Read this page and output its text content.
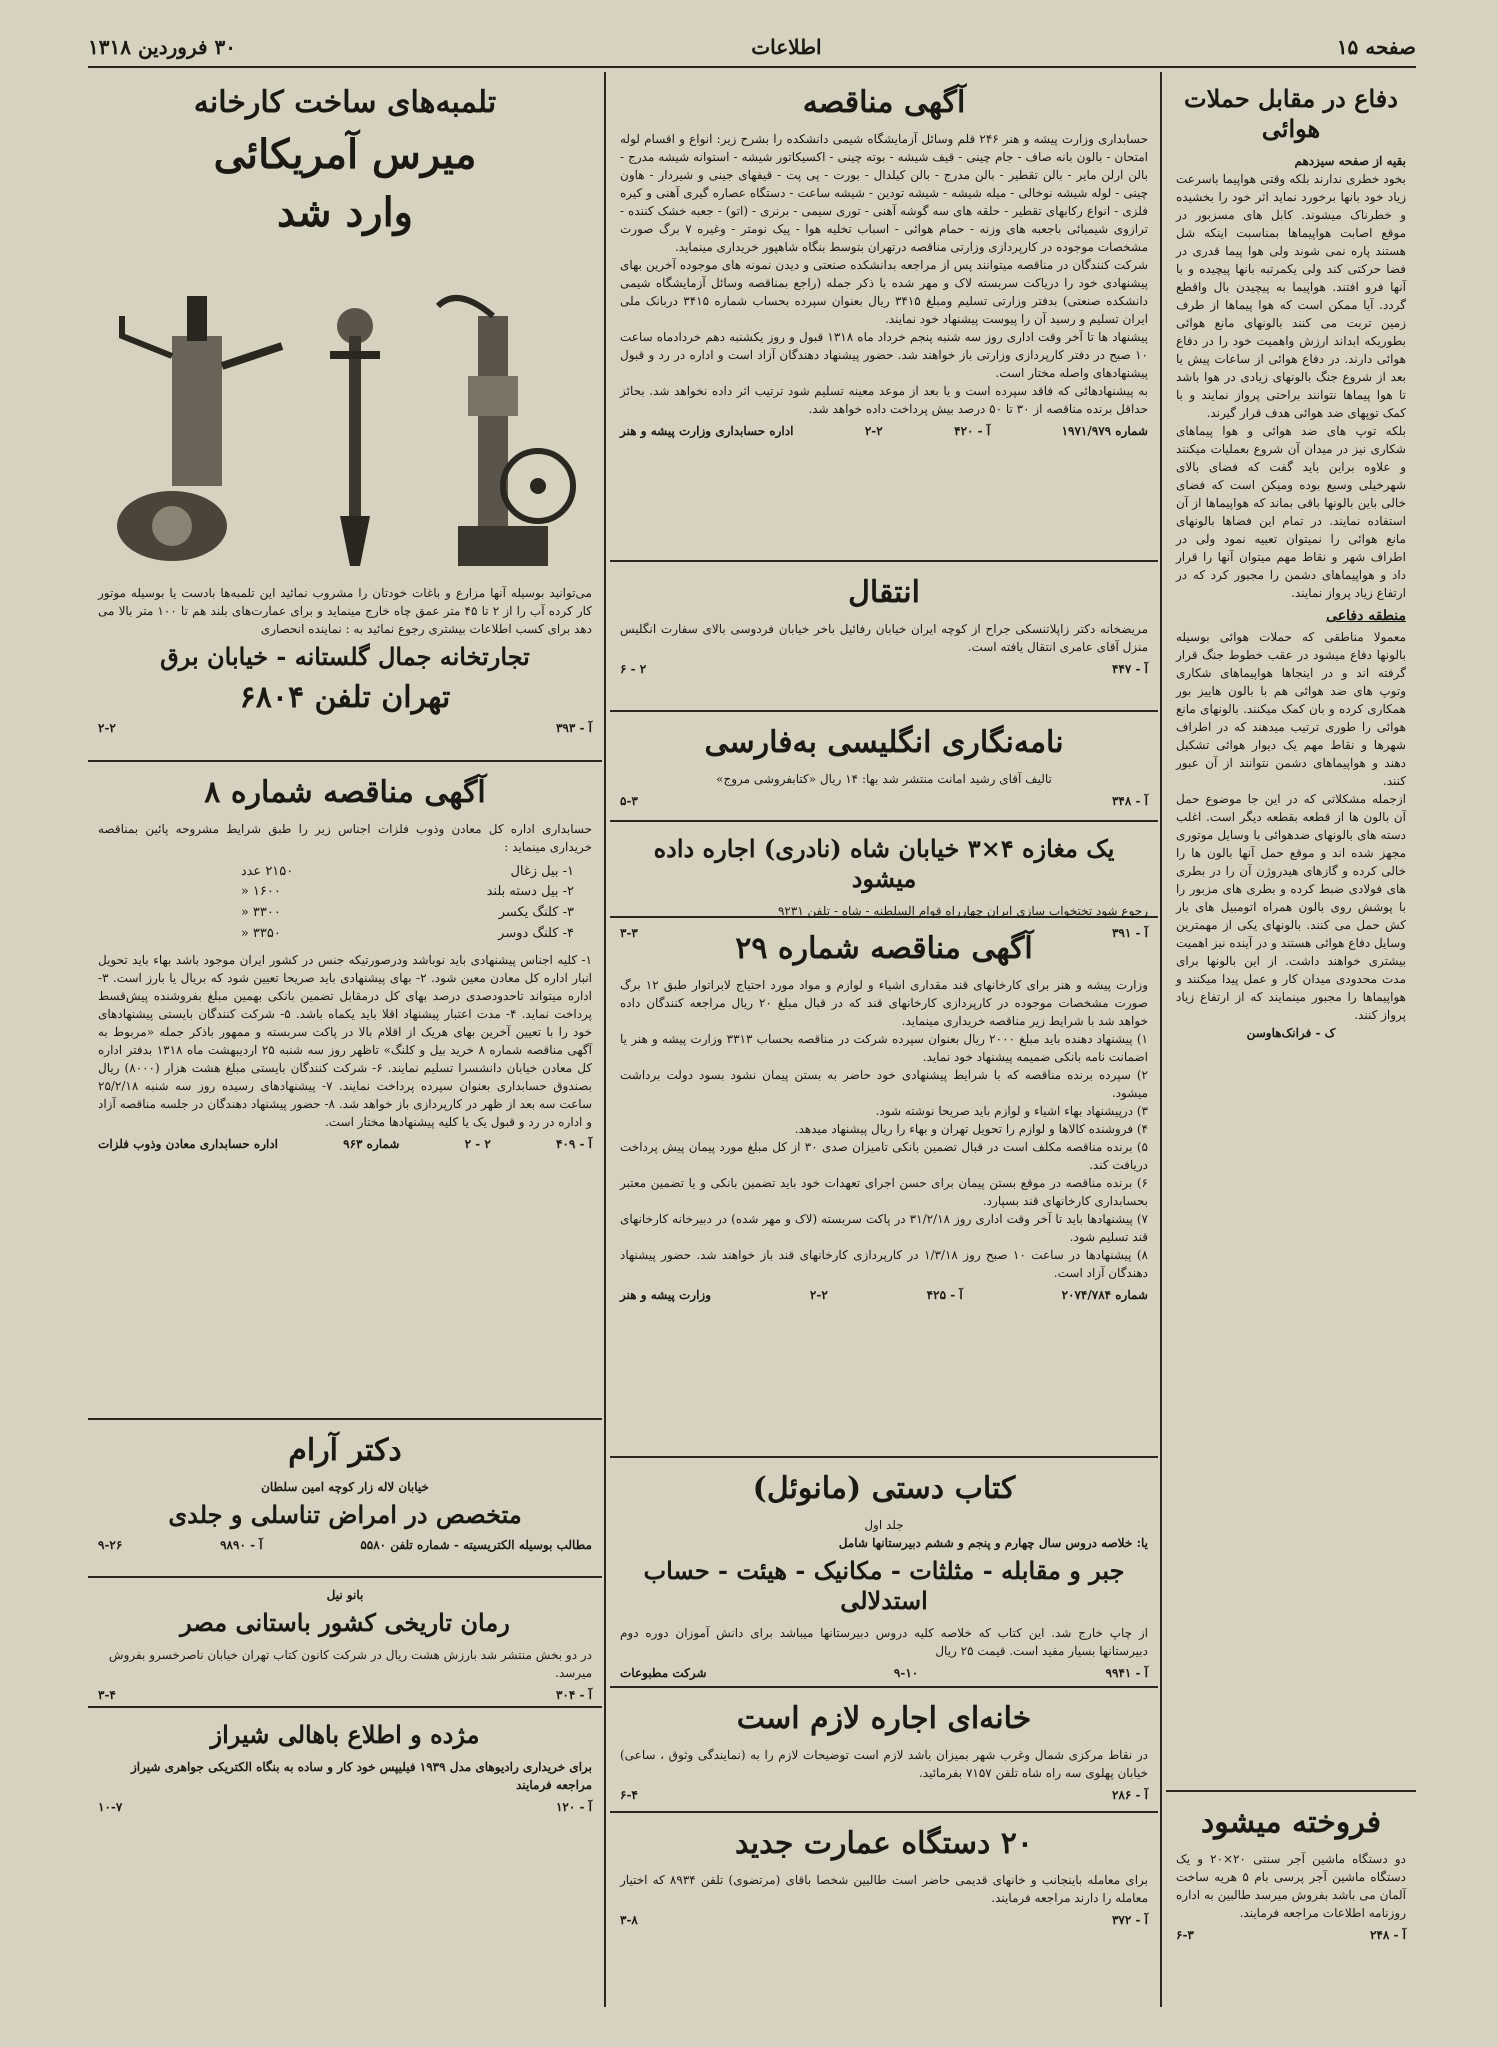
صفحه ۱۵
اطلاعات
۳۰ فروردین ۱۳۱۸
دفاع در مقابل حملات هوائی
بقیه از صفحه سیزدهم
بخود خطری ندارند بلکه وقتی هواپیما باسرعت زیاد خود بانها برخورد نماید اثر خود را بخشیده و خطرناک میشوند. کابل های مسزبور در موقع اصابت هواپیماها بمناسبت اینکه شل هستند پاره نمی شوند ولی هوا پیما قدری در فضا حرکتی کند ولی یکمرتبه بانها پیچیده و با آنها فرو افتند. هواپیما به پیچیدن بال واقطع گردد. آیا ممکن است که هوا پیماها از طرف زمین تربت می کنند بالونهای مانع هوائی بطوریکه ابداند ارزش واهمیت خود را در دفاع هوائی دارند. در دفاع هوائی از ساعات پیش یا بعد از شروع جنگ بالونهای زیادی در هوا باشد تا هوا پیماها نتوانند براحتی پرواز نمایند و با کمک توپهای ضد هوائی هدف قرار گیرند.
بلکه توپ های ضد هوائی و هوا پیماهای شکاری نیز در میدان آن شروع بعملیات میکنند و علاوه براین باید گفت که فضای بالای شهرخیلی وسیع بوده ومیکن است که فضای خالی باین بالونها باقی بماند که هواپیماها از آن استفاده نمایند. در تمام این فضاها بالونهای مانع هوائی را نمیتوان تعبیه نمود ولی در اطراف شهر و نقاط مهم میتوان آنها را قرار داد و هواپیماهای دشمن را مجبور کرد که در ارتفاع زیاد پرواز نمایند.
منطقه دفاعی
معمولا مناطقی که حملات هوائی بوسیله بالونها دفاع میشود در عقب خطوط جنگ قرار گرفته اند و در اینجاها هواپیماهای شکاری وتوپ های ضد هوائی هم با بالون هاییز بور همکاری کرده و بان کمک میکنند. بالونهای مانع هوائی را طوری ترتیب میدهند که در اطراف شهرها و نقاط مهم یک دیوار هوائی تشکیل دهند و هواپیماهای دشمن نتوانند از آن عبور کنند.
ازجمله مشکلاتی که در این جا موضوع حمل آن بالون ها از قطعه بقطعه دیگر است. اغلب دسته های بالونهای ضدهوائی با وسایل موتوری مجهز شده اند و موقع حمل آنها بالون ها را خالی کرده و گازهای هیدروژن آن را در بطری های فولادی ضبط کرده و بطری های مزبور را با پوشش روی بالون همراه اتومبیل های بار کش حمل می کنند. بالونهای یکی از مهمترین وسایل دفاع هوائی هستند و در آینده نیز اهمیت بیشتری خواهند داشت. از این بالونها برای مدت محدودی میدان کار و عمل پیدا میکنند و هواپیماها را مجبور مینمایند که از ارتفاع زیاد پرواز کنند.
ک - فرانک‌هاوسن
فروخته میشود
دو دستگاه ماشین آجر سنتی ۲۰×۲۰ و یک دستگاه ماشین آجر پرسی بام ۵ هریه ساخت آلمان می باشد بفروش میرسد طالبین به اداره روزنامه اطلاعات مراجعه فرمایند.
آ - ۲۴۸
۶-۳
آگهی مناقصه
حسابداری وزارت پیشه و هنر ۲۴۶ قلم وسائل آزمایشگاه شیمی دانشکده را بشرح زیر: انواع و اقسام لوله امتحان - بالون بانه صاف - جام چینی - قیف شیشه - بوته چینی - اکسیکاتور شیشه - استوانه شیشه مدرج - بالن ارلن مایر - بالن تقطیر - بالن مدرج - بالن کیلدال - بورت - پی پت - قیفهای جینی و شیردار - هاون چینی - لوله شیشه نوخالی - میله شیشه - شیشه تودین - شیشه ساعت - دستگاه عصاره گیری آهنی و کیره فلزی - انواع رکابهای تقطیر - حلقه های سه گوشه آهنی - توری سیمی - برنری - (اتو) - جعبه خشک کننده - ترازوی شیمیائی باجعبه های وزنه - حمام هوائی - اسباب تخلیه هوا - پیک نومتر - وغیره ۷ برگ صورت مشخصات موجوده در کارپردازی وزارتی مناقصه درتهران بتوسط بنگاه شاهپور خریداری مینماید.
شرکت کنندگان در مناقصه میتوانند پس از مراجعه بدانشکده صنعتی و دیدن نمونه های موجوده آخرین بهای پیشنهادی خود را دریاکت سربسته لاک و مهر شده با ذکر جمله (راجع بمناقصه وسائل آزمایشگاه شیمی دانشکده صنعتی) بدفتر وزارتی تسلیم ومبلغ ۳۴۱۵ ریال بعنوان سپرده بحساب شماره ۳۴۱۵ دربانک ملی ایران تسلیم و رسید آن را پیوست پیشنهاد خود نمایند.
پیشنهاد ها تا آخر وقت اداری روز سه شنبه پنجم خرداد ماه ۱۳۱۸ قبول و روز یکشنبه دهم خردادماه ساعت ۱۰ صبح در دفتر کارپردازی وزارتی باز خواهند شد. حضور پیشنهاد دهندگان آزاد است و اداره در رد و قبول پیشنهادهای واصله مختار است.
به پیشنهادهائی که فاقد سپرده است و یا بعد از موعد معینه تسلیم شود ترتیب اثر داده نخواهد شد. بحائز حداقل برنده مناقصه از ۳۰ تا ۵۰ درصد بیش پرداخت داده خواهد شد.
شماره ۱۹۷۱/۹۷۹
آ - ۴۲۰
۲-۲
اداره حسابداری وزارت پیشه و هنر
انتقال
مریضخانه دکتر زاپلاتنسکی جراح از کوچه ایران خیابان رفائیل باخر خیابان فردوسی بالای سفارت انگلیس منزل آقای عامری انتقال یافته است.
آ - ۴۴۷
۲ - ۶
نامه‌نگاری انگلیسی به‌فارسی
تالیف آقای رشید امانت منتشر شد بها: ۱۴ ریال «کتابفروشی مروج»
آ - ۳۴۸
۵-۳
یک مغازه ۴×۳ خیابان شاه (نادری) اجاره داده میشود
رجوع شود تختخواب سازی ایران چهارراه قوام السلطنه - شاه - تلفن ۹۲۳۱
آ - ۳۹۱
۳-۳	آگهی مناقصه شماره ۲۹
وزارت پیشه و هنر برای کارخانهای قند مقداری اشیاء و لوازم و مواد مورد احتیاج لابراتوار طبق ۱۲ برگ صورت مشخصات موجوده در کارپردازی کارخانهای قند که در قبال مبلغ ۲۰ ریال مراجعه کنندگان داده خواهد شد با شرایط زیر مناقصه خریداری مینماید.
۱) پیشنهاد دهنده باید مبلغ ۲۰۰۰ ریال بعنوان سپرده شرکت در مناقصه بحساب ۳۳۱۳ وزارت پیشه و هنر یا اضمانت نامه بانکی ضمیمه پیشنهاد خود نماید.
۲) سپرده برنده مناقصه که با شرایط پیشنهادی خود حاضر به بستن پیمان نشود بسود دولت برداشت میشود.
۳) درپیشنهاد بهاء اشیاء و لوازم باید صریحا نوشته شود.
۴) فروشنده کالاها و لوازم را تحویل تهران و بهاء را ریال پیشنهاد میدهد.
۵) برنده مناقصه مکلف است در قبال تضمین بانکی تامیزان صدی ۳۰ از کل مبلغ مورد پیمان پیش پرداخت دریافت کند.
۶) برنده مناقصه در موقع بستن پیمان برای حسن اجرای تعهدات خود باید تضمین بانکی و یا تضمین معتبر بحسابداری کارخانهای قند بسپارد.
۷) پیشنهادها باید تا آخر وقت اداری روز ۳۱/۲/۱۸ در پاکت سربسته (لاک و مهر شده) در دبیرخانه کارخانهای قند تسلیم شود.
۸) پیشنهادها در ساعت ۱۰ صبح روز ۱/۳/۱۸ در کارپردازی کارخانهای قند باز خواهند شد. حضور پیشنهاد دهندگان آزاد است.
شماره ۲۰۷۴/۷۸۴
آ - ۴۲۵
۲-۲
وزارت پیشه و هنر
کتاب دستی (مانوئل)
جلد اول
یا: خلاصه دروس سال چهارم و پنجم و ششم دبیرستانها شامل
جبر و مقابله - مثلثات - مکانیک - هیئت - حساب استدلالی
از چاپ خارج شد. این کتاب که خلاصه کلیه دروس دبیرستانها میباشد برای دانش آموزان دوره دوم دبیرستانها بسیار مفید است. قیمت ۲۵ ریال
آ - ۹۹۴۱
۹-۱۰
شرکت مطبوعات
خانه‌ای اجاره لازم است
در نقاط مرکزی شمال وغرب شهر بمیزان باشد لازم است توضیحات لازم را به (نمایندگی وثوق ، ساعی) خیابان پهلوی سه راه شاه تلفن ۷۱۵۷ بفرمائید.
آ - ۲۸۶
۶-۴
۲۰ دستگاه عمارت جدید
برای معامله باینجانب و خانهای قدیمی حاضر است طالبین شخصا باقای (مرتضوی) تلفن ۸۹۳۴ که اختیار معامله را دارند مراجعه فرمایند.
آ - ۳۷۲
۳-۸
تلمبه‌های ساخت کارخانه
میرس آمریکائی
وارد شد
می‌توانید بوسیله آنها مزارع و باغات خودتان را مشروب نمائید این تلمبه‌ها بادست یا بوسیله موتور کار کرده آب را از ۲ تا ۴۵ متر عمق چاه خارج مینماید و برای عمارت‌های بلند هم تا ۱۰۰ متر بالا می دهد برای کسب اطلاعات بیشتری رجوع نمائید به : نماینده انحصاری
تجارتخانه جمال گلستانه - خیابان برق
تهران تلفن ۶۸۰۴
آ - ۳۹۳
۲-۲
آگهی مناقصه شماره ۸
حسابداری اداره کل معادن وذوب فلزات اجناس زیر را طبق شرایط مشروحه پائین بمناقصه خریداری مینماید :
۱- بیل زغال
۲۱۵۰ عدد
۲- بیل دسته بلند
۱۶۰۰ «
۳- کلنگ یکسر
۳۳۰۰ «
۴- کلنگ دوسر
۳۳۵۰ «
۱- کلیه اجناس پیشنهادی باید نوباشد ودرصورتیکه جنس در کشور ایران موجود باشد بهاء باید تحویل انبار اداره کل معادن معین شود. ۲- بهای پیشنهادی باید صریحا تعیین شود که بریال یا بارز است. ۳- اداره میتواند تاحدودصدی درصد بهای کل درمقابل تضمین بانکی بهمین مبلغ بفروشنده پیش‌قسط پرداخت نماید. ۴- مدت اعتبار پیشنهاد اقلا باید یکماه باشد. ۵- شرکت کنندگان بایستی پیشنهادهای خود را با تعیین آخرین بهای هریک از اقلام بالا در پاکت سربسته و ممهور باذکر جمله «مربوط به آگهی مناقصه شماره ۸ خرید بیل و کلنگ» تاظهر روز سه شنبه ۲۵ اردیبهشت ماه ۱۳۱۸ بدفتر اداره کل معادن خیابان دانشسرا تسلیم نمایند. ۶- شرکت کنندگان بایستی مبلغ هشت هزار (۸۰۰۰) ریال بصندوق حسابداری بعنوان سپرده پرداخت نمایند. ۷- پیشنهادهای رسیده روز سه شنبه ۲۵/۲/۱۸ ساعت سه بعد از ظهر در کارپردازی باز خواهد شد. ۸- حضور پیشنهاد دهندگان در جلسه مناقصه آزاد و اداره در رد و قبول یک یا کلیه پیشنهادها مختار است.
آ - ۴۰۹
۲ - ۲
شماره ۹۶۳
اداره حسابداری معادن وذوب فلزات
دکتر آرام
خیابان لاله زار کوچه امین سلطان
متخصص در امراض تناسلی و جلدی
مطالب بوسیله الکتریسیته - شماره تلفن ۵۵۸۰
آ - ۹۸۹۰
۹-۲۶
بانو نیل
رمان تاریخی کشور باستانی مصر
در دو بخش منتشر شد بارزش هشت ریال در شرکت کانون کتاب تهران خیابان ناصرخسرو بفروش میرسد.
آ - ۳۰۴
۳-۴
مژده و اطلاع باهالی شیراز
برای خریداری رادیوهای مدل ۱۹۳۹ فیلیپس خود کار و ساده به بنگاه الکتریکی جواهری شیراز مراجعه فرمایند
آ - ۱۲۰
۱۰-۷
